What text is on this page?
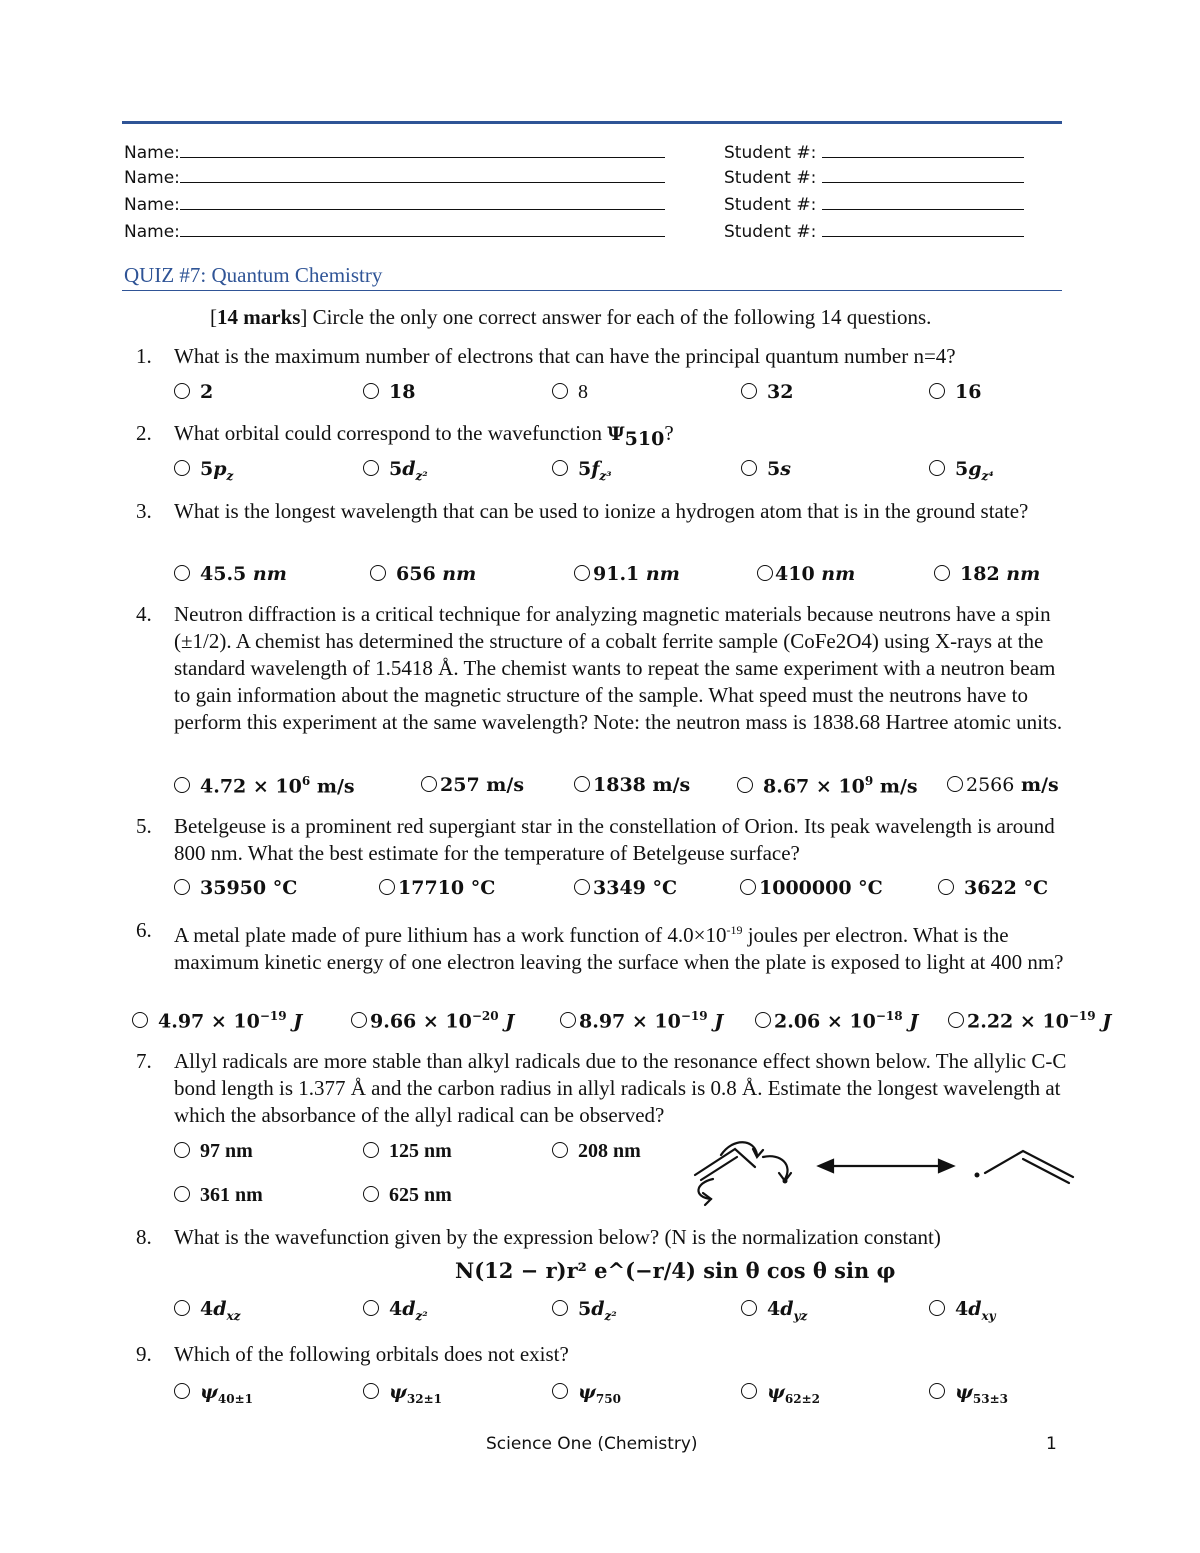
Name:	Student #:
Name:	Student #:
Name:	Student #:
Name:	Student #:
QUIZ #7: Quantum Chemistry
[14 marks] Circle the only one correct answer for each of the following 14 questions.
1. What is the maximum number of electrons that can have the principal quantum number n=4?
2	18	8	32	16
2. What orbital could correspond to the wavefunction $\Psi_{510}$?
$5p_z$	$5d_{z^2}$	$5f_{z^3}$	5s	$5g_{z^4}$
3. What is the longest wavelength that can be used to ionize a hydrogen atom that is in the ground state?
45.5 nm	656 nm	91.1 nm	410 nm	182 nm
4. Neutron diffraction is a critical technique for analyzing magnetic materials because neutrons have a spin (±1/2). A chemist has determined the structure of a cobalt ferrite sample (CoFe2O4) using X-rays at the standard wavelength of 1.5418 Å. The chemist wants to repeat the same experiment with a neutron beam to gain information about the magnetic structure of the sample. What speed must the neutrons have to perform this experiment at the same wavelength? Note: the neutron mass is 1838.68 Hartree atomic units.
$4.72 \times 10^6$ m/s	257 m/s	1838 m/s	$8.67 \times 10^9$ m/s	2566 m/s
5. Betelgeuse is a prominent red supergiant star in the constellation of Orion. Its peak wavelength is around 800 nm. What the best estimate for the temperature of Betelgeuse surface?
35950 °C	17710 °C	3349 °C	1000000 °C	3622 °C
6. A metal plate made of pure lithium has a work function of $4.0\times 10^{-19}$ joules per electron. What is the maximum kinetic energy of one electron leaving the surface when the plate is exposed to light at 400 nm?
$4.97 \times 10^{-19}$ J	$9.66 \times 10^{-20}$ J	$8.97 \times 10^{-19}$ J	$2.06 \times 10^{-18}$ J	$2.22 \times 10^{-19}$ J
7. Allyl radicals are more stable than alkyl radicals due to the resonance effect shown below. The allylic C-C bond length is 1.377 Å and the carbon radius in allyl radicals is 0.8 Å. Estimate the longest wavelength at which the absorbance of the allyl radical can be observed?
97 nm	125 nm	208 nm
361 nm	625 nm
8. What is the wavefunction given by the expression below? (N is the normalization constant)
N(12 − r)r² e^(−r/4) sin θ cos θ sin φ
$4d_{xz}$	$4d_{z^2}$	$5d_{z^2}$	$4d_{yz}$	$4d_{xy}$
9. Which of the following orbitals does not exist?
$\psi_{40\pm 1}$	$\psi_{32\pm 1}$	$\psi_{750}$	$\psi_{62\pm 2}$	$\psi_{53\pm 3}$
Science One (Chemistry)	1
